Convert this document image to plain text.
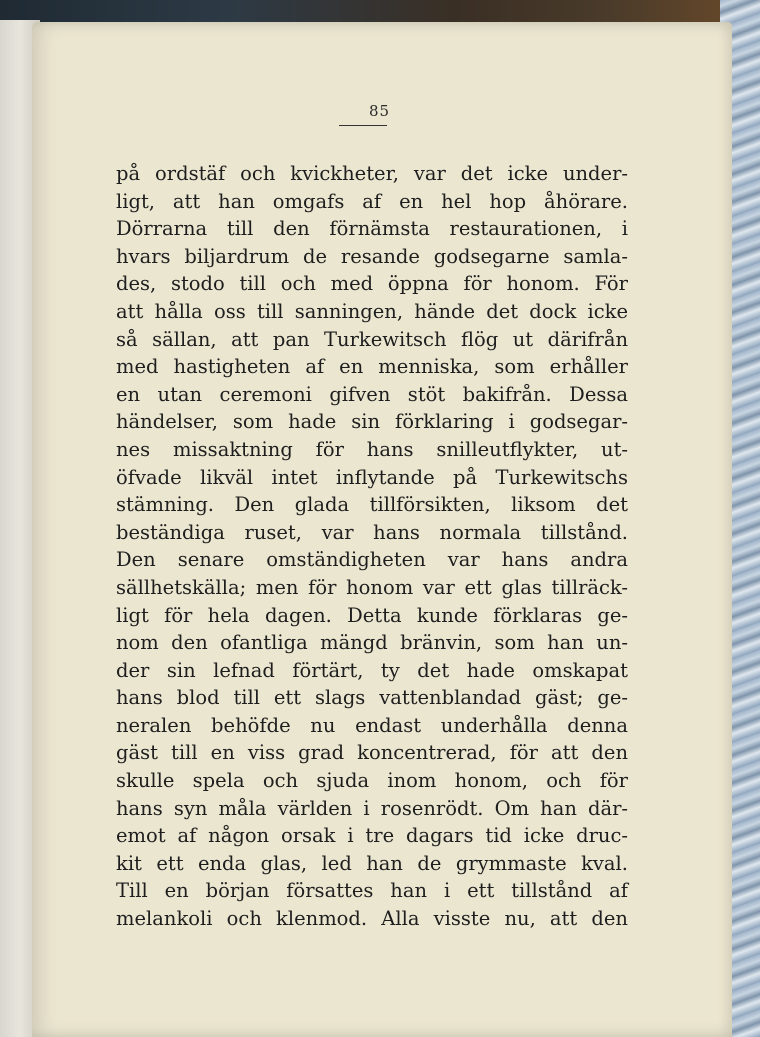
85
på ordstäf och kvickheter, var det icke under-
ligt, att han omgafs af en hel hop åhörare.
Dörrarna till den förnämsta restaurationen, i
hvars biljardrum de resande godsegarne samla-
des, stodo till och med öppna för honom. För
att hålla oss till sanningen, hände det dock icke
så sällan, att pan Turkewitsch flög ut därifrån
med hastigheten af en menniska, som erhåller
en utan ceremoni gifven stöt bakifrån. Dessa
händelser, som hade sin förklaring i godsegar-
nes missaktning för hans snilleutflykter, ut-
öfvade likväl intet inflytande på Turkewitschs
stämning. Den glada tillförsikten, liksom det
beständiga ruset, var hans normala tillstånd.
Den senare omständigheten var hans andra
sällhetskälla; men för honom var ett glas tillräck-
ligt för hela dagen. Detta kunde förklaras ge-
nom den ofantliga mängd bränvin, som han un-
der sin lefnad förtärt, ty det hade omskapat
hans blod till ett slags vattenblandad gäst; ge-
neralen behöfde nu endast underhålla denna
gäst till en viss grad koncentrerad, för att den
skulle spela och sjuda inom honom, och för
hans syn måla världen i rosenrödt. Om han där-
emot af någon orsak i tre dagars tid icke druc-
kit ett enda glas, led han de grymmaste kval.
Till en början försattes han i ett tillstånd af
melankoli och klenmod. Alla visste nu, att den
